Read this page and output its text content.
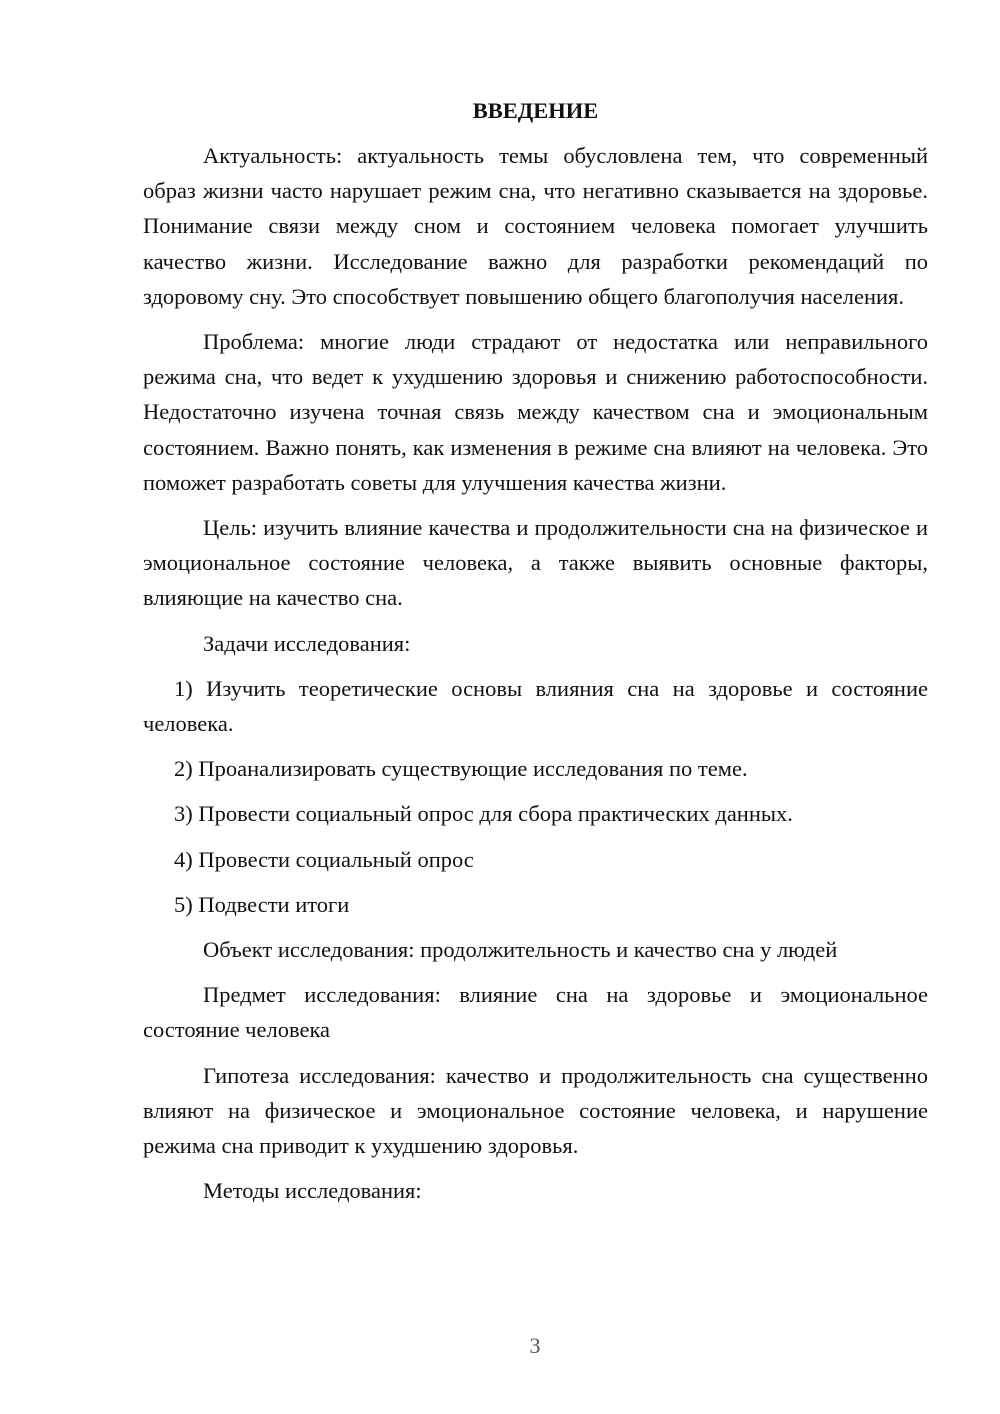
ВВЕДЕНИЕ

Актуальность: актуальность темы обусловлена тем, что современный образ жизни часто нарушает режим сна, что негативно сказывается на здоровье. Понимание связи между сном и состоянием человека помогает улучшить качество жизни. Исследование важно для разработки рекомендаций по здоровому сну. Это способствует повышению общего благополучия населения.

Проблема: многие люди страдают от недостатка или неправильного режима сна, что ведет к ухудшению здоровья и снижению работоспособности. Недостаточно изучена точная связь между качеством сна и эмоциональным состоянием. Важно понять, как изменения в режиме сна влияют на человека. Это поможет разработать советы для улучшения качества жизни.

Цель: изучить влияние качества и продолжительности сна на физическое и эмоциональное состояние человека, а также выявить основные факторы, влияющие на качество сна.

Задачи исследования:

1) Изучить теоретические основы влияния сна на здоровье и состояние человека.

2) Проанализировать существующие исследования по теме.

3) Провести социальный опрос для сбора практических данных.

4) Провести социальный опрос

5) Подвести итоги

Объект исследования: продолжительность и качество сна у людей

Предмет исследования: влияние сна на здоровье и эмоциональное состояние человека

Гипотеза исследования: качество и продолжительность сна существенно влияют на физическое и эмоциональное состояние человека, и нарушение режима сна приводит к ухудшению здоровья.

Методы исследования:

3
